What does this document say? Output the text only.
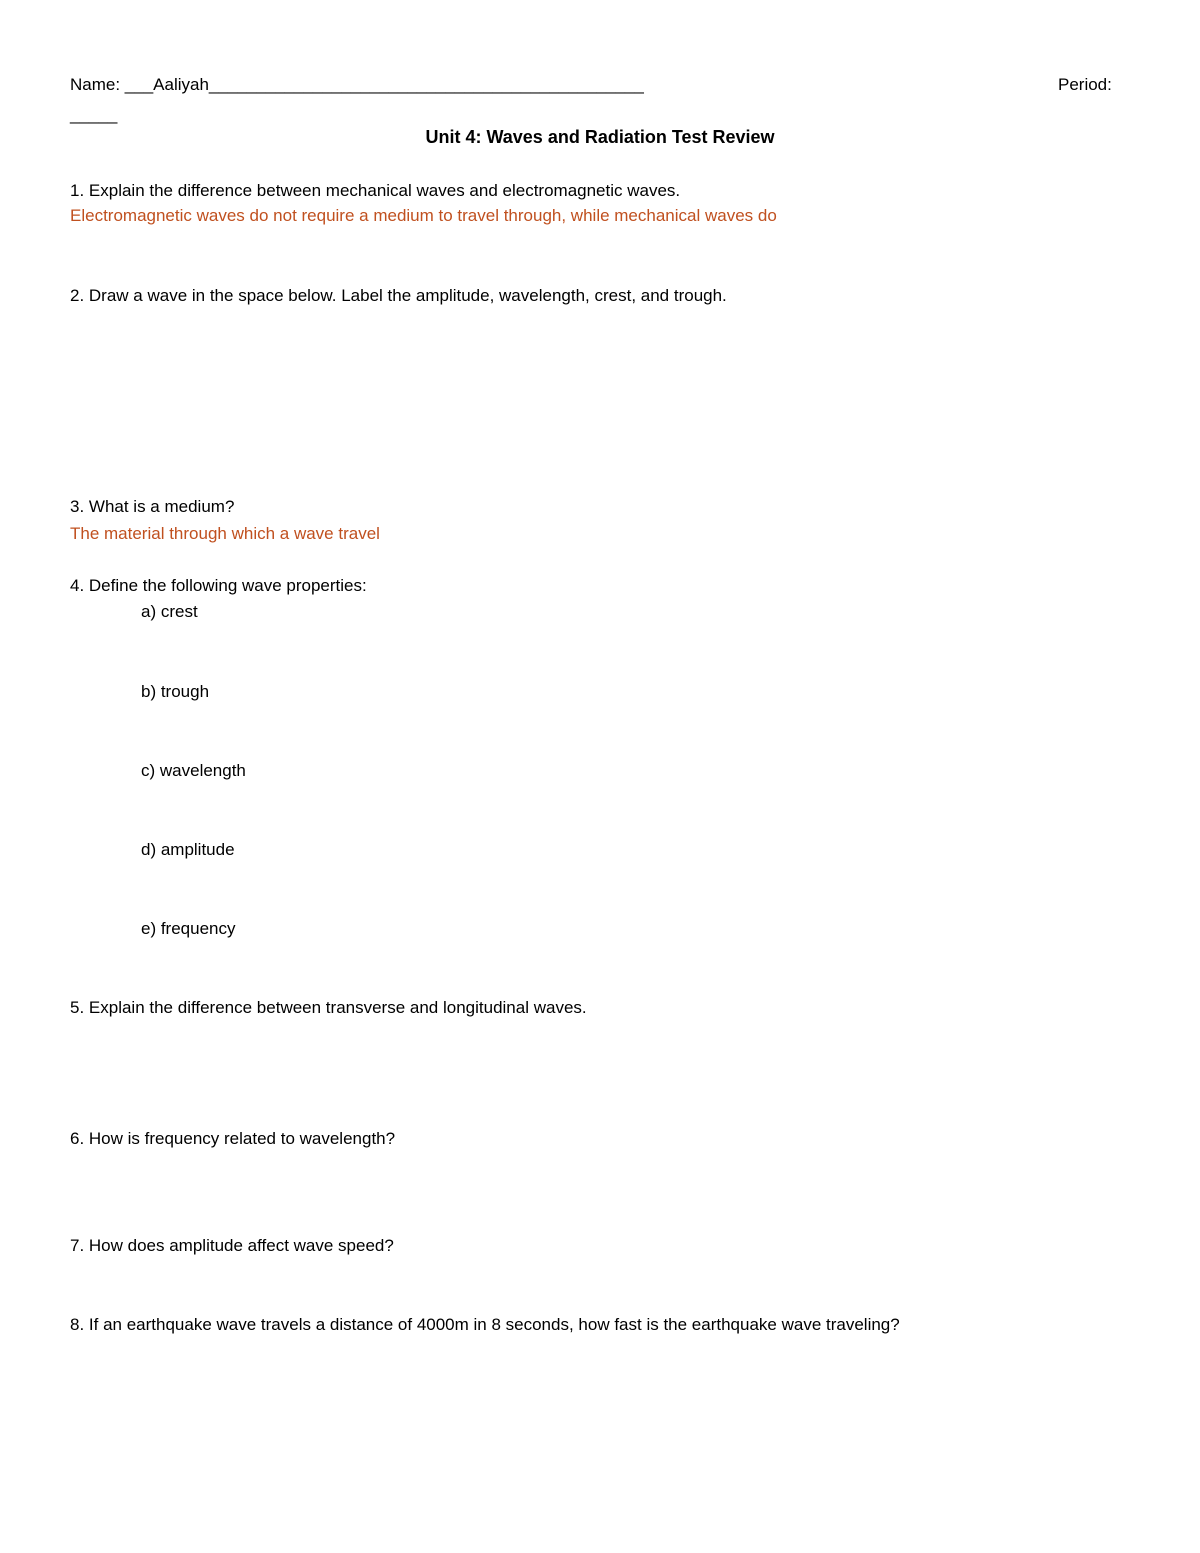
Name: ___Aaliyah______________________________________________	Period:
_____
Unit 4: Waves and Radiation Test Review
1. Explain the difference between mechanical waves and electromagnetic waves.
Electromagnetic waves do not require a medium to travel through, while mechanical waves do
2. Draw a wave in the space below. Label the amplitude, wavelength, crest, and trough.
3. What is a medium?
The material through which a wave travel
4. Define the following wave properties:
a) crest
b) trough
c) wavelength
d) amplitude
e) frequency
5. Explain the difference between transverse and longitudinal waves.
6. How is frequency related to wavelength?
7. How does amplitude affect wave speed?
8. If an earthquake wave travels a distance of 4000m in 8 seconds, how fast is the earthquake wave traveling?
